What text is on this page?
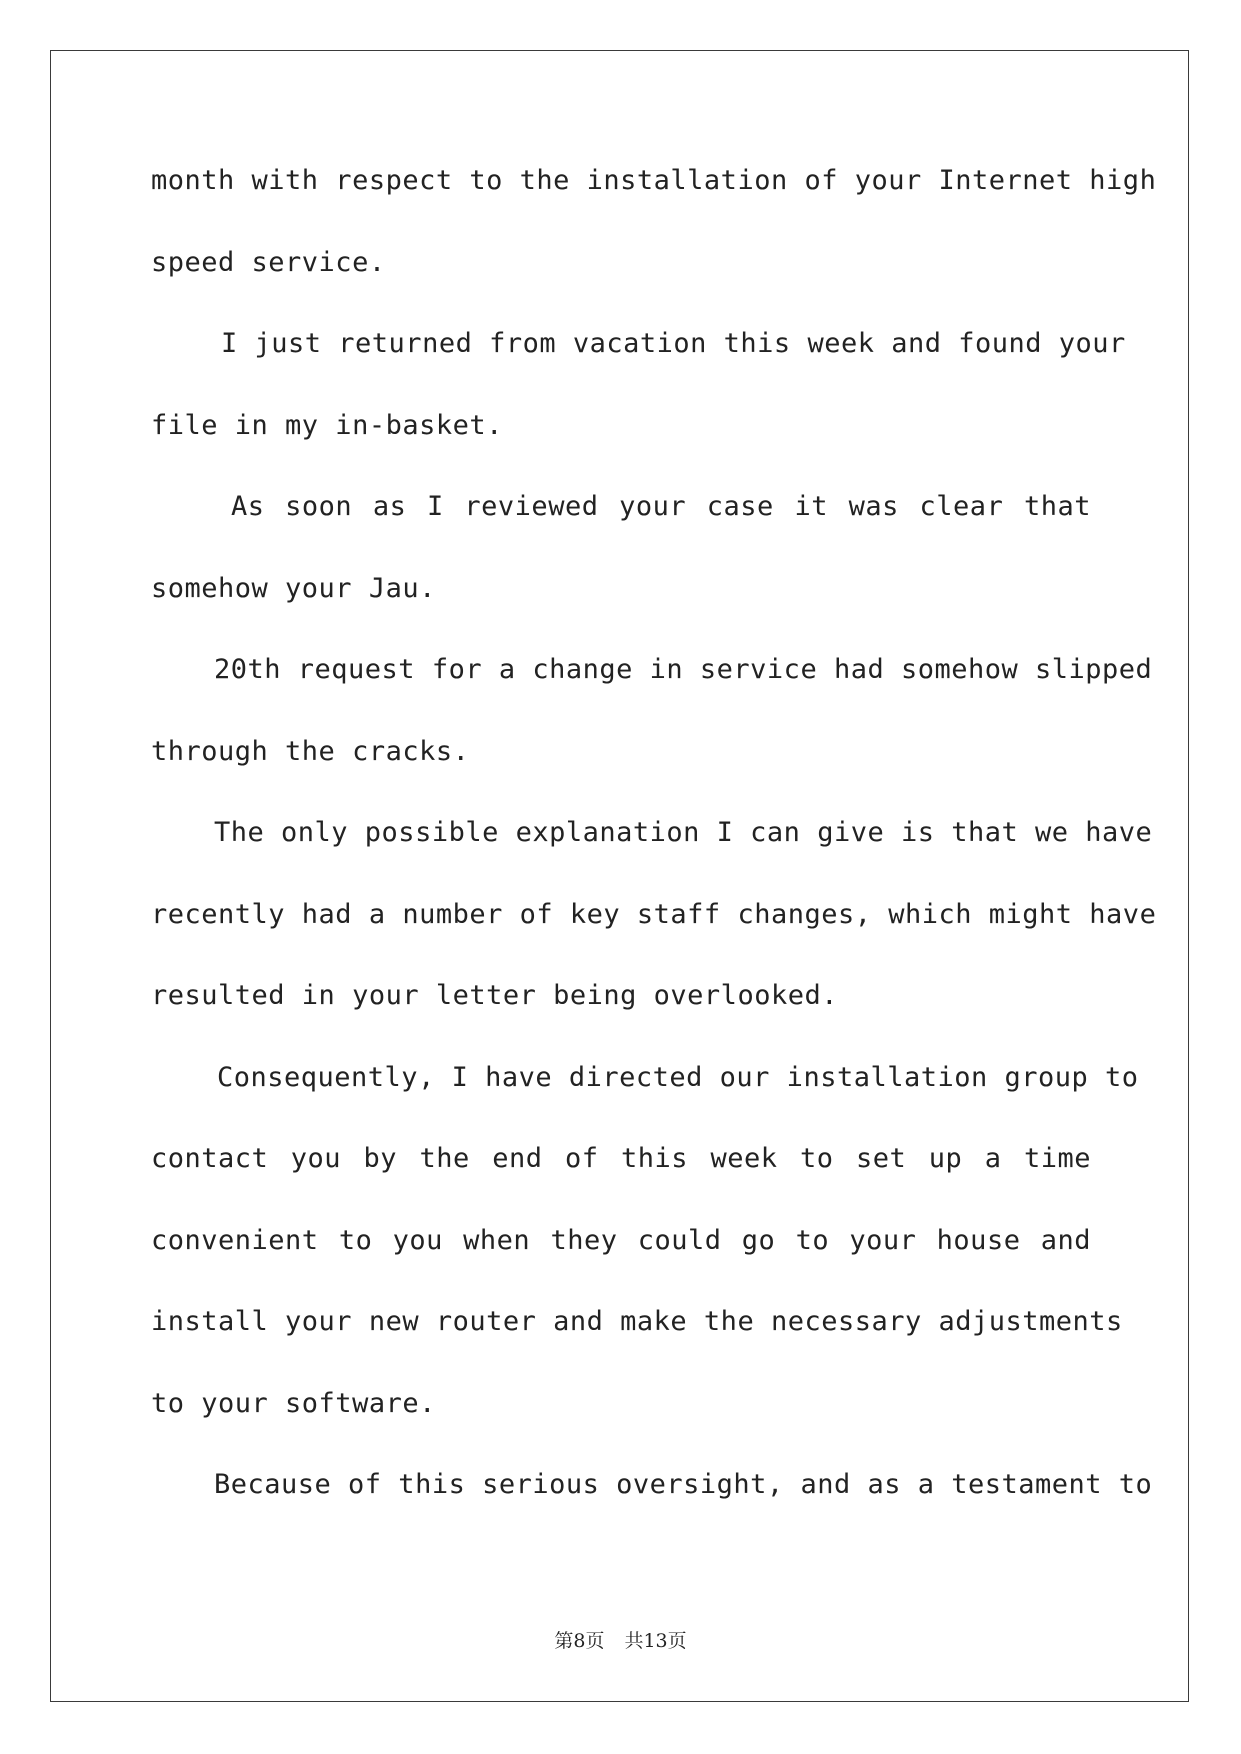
month with respect to the installation of your Internet high
speed service.
I just returned from vacation this week and found your
file in my in-basket.
As soon as I reviewed your case it was clear that
somehow your Jau.
20th request for a change in service had somehow slipped
through the cracks.
The only possible explanation I can give is that we have
recently had a number of key staff changes, which might have
resulted in your letter being overlooked.
Consequently, I have directed our installation group to
contact you by the end of this week to set up a time
convenient to you when they could go to your house and
install your new router and make the necessary adjustments
to your software.
Because of this serious oversight, and as a testament to
第8页 共13页
